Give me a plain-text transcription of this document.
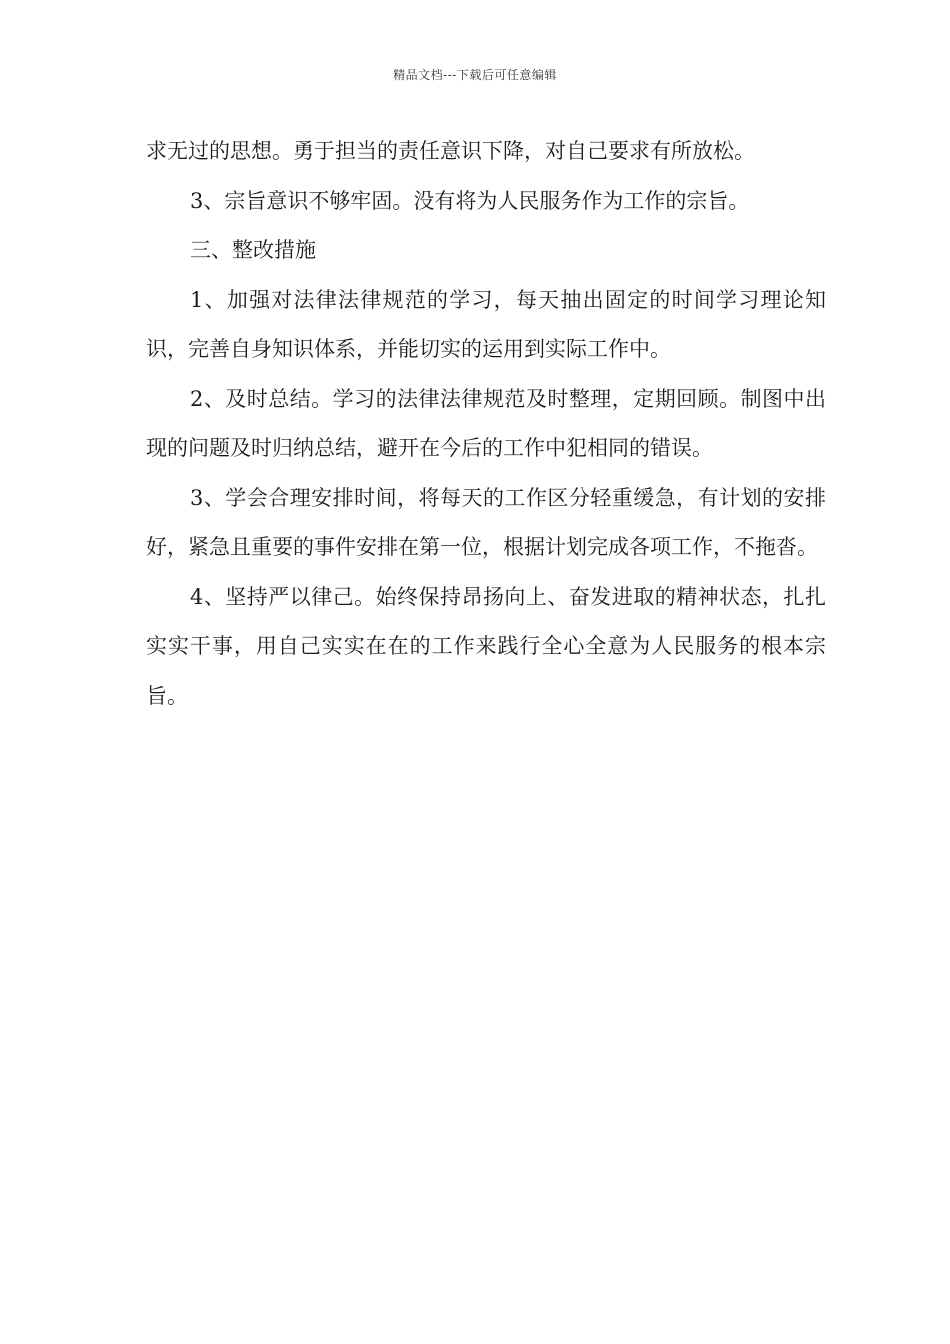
精品文档---下载后可任意编辑

求无过的思想。勇于担当的责任意识下降，对自己要求有所放松。

3、宗旨意识不够牢固。没有将为人民服务作为工作的宗旨。

三、整改措施

1、加强对法律法律规范的学习，每天抽出固定的时间学习理论知识，完善自身知识体系，并能切实的运用到实际工作中。

2、及时总结。学习的法律法律规范及时整理，定期回顾。制图中出现的问题及时归纳总结，避开在今后的工作中犯相同的错误。

3、学会合理安排时间，将每天的工作区分轻重缓急，有计划的安排好，紧急且重要的事件安排在第一位，根据计划完成各项工作，不拖沓。

4、坚持严以律己。始终保持昂扬向上、奋发进取的精神状态，扎扎实实干事，用自己实实在在的工作来践行全心全意为人民服务的根本宗旨。
